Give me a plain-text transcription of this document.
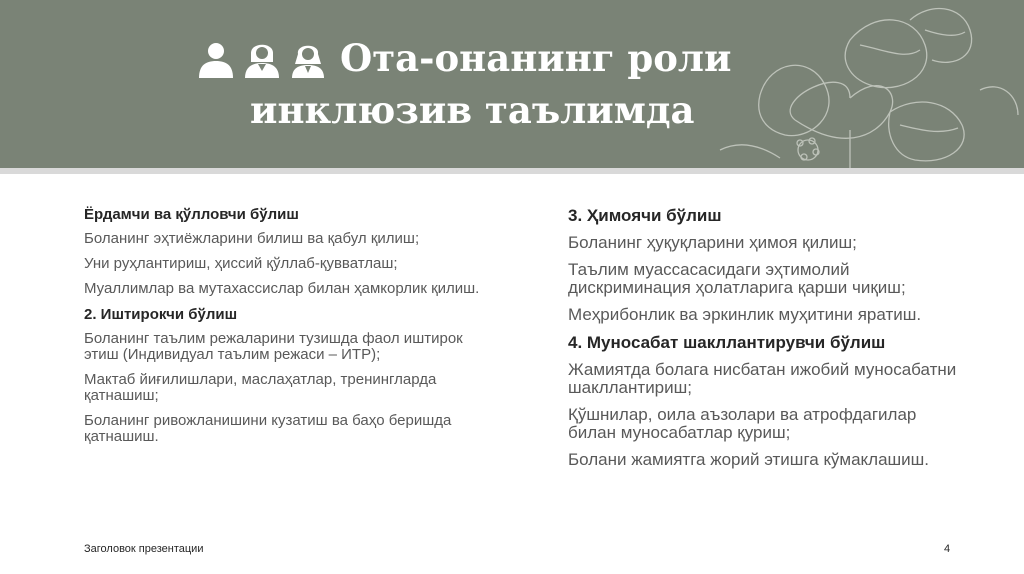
Ота-онанинг роли
инклюзив таълимда
Ёрдамчи ва қўлловчи бўлиш
Боланинг эҳтиёжларини билиш ва қабул қилиш;
Уни руҳлантириш, ҳиссий қўллаб-қувватлаш;
Муаллимлар ва мутахассислар билан ҳамкорлик қилиш.
2. Иштирокчи бўлиш
Боланинг таълим режаларини тузишда фаол иштирок этиш (Индивидуал таълим режаси – ИТР);
Мактаб йиғилишлари, маслаҳатлар, тренингларда қатнашиш;
Боланинг ривожланишини кузатиш ва баҳо беришда қатнашиш.
3. Ҳимоячи бўлиш
Боланинг ҳуқуқларини ҳимоя қилиш;
Таълим муассасасидаги эҳтимолий дискриминация ҳолатларига қарши чиқиш;
Меҳрибонлик ва эркинлик муҳитини яратиш.
4. Муносабат шакллантирувчи бўлиш
Жамиятда болага нисбатан ижобий муносабатни шакллантириш;
Қўшнилар, оила аъзолари ва атрофдагилар билан муносабатлар қуриш;
Болани жамиятга жорий этишга кўмаклашиш.
Заголовок презентации	4
